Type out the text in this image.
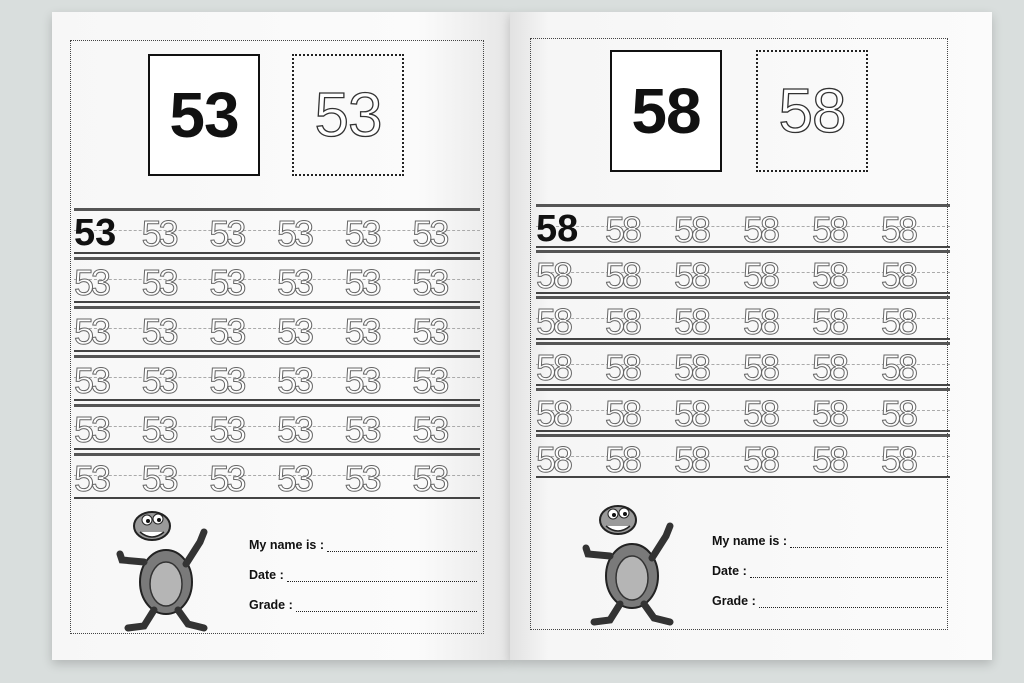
53 53
53 53 53 53 53 53
53 53 53 53 53 53
53 53 53 53 53 53
53 53 53 53 53 53
53 53 53 53 53 53
53 53 53 53 53 53
My name is :
Date :
Grade :
58 58
58 58 58 58 58 58
58 58 58 58 58 58
58 58 58 58 58 58
58 58 58 58 58 58
58 58 58 58 58 58
58 58 58 58 58 58
My name is :
Date :
Grade :
